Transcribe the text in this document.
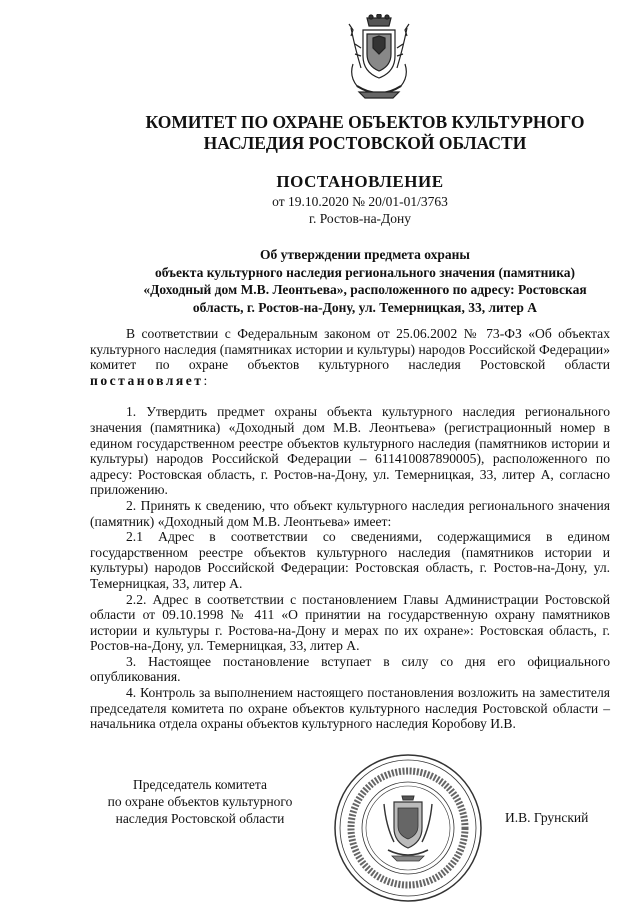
КОМИТЕТ ПО ОХРАНЕ ОБЪЕКТОВ КУЛЬТУРНОГО
НАСЛЕДИЯ РОСТОВСКОЙ ОБЛАСТИ
ПОСТАНОВЛЕНИЕ
от 19.10.2020 № 20/01-01/3763
г. Ростов-на-Дону
Об утверждении предмета охраны
объекта культурного наследия регионального значения (памятника)
«Доходный дом М.В. Леонтьева», расположенного по адресу: Ростовская
область, г. Ростов-на-Дону, ул. Темерницкая, 33, литер А

В соответствии с Федеральным законом от 25.06.2002 № 73-ФЗ «Об объектах культурного наследия (памятниках истории и культуры) народов Российской Федерации» комитет по охране объектов культурного наследия Ростовской области постановляет:

1. Утвердить предмет охраны объекта культурного наследия регионального значения (памятника) «Доходный дом М.В. Леонтьева» (регистрационный номер в едином государственном реестре объектов культурного наследия (памятников истории и культуры) народов Российской Федерации – 611410087890005), расположенного по адресу: Ростовская область, г. Ростов-на-Дону, ул. Темерницкая, 33, литер А, согласно приложению.

2. Принять к сведению, что объект культурного наследия регионального значения (памятник) «Доходный дом М.В. Леонтьева» имеет:

2.1 Адрес в соответствии со сведениями, содержащимися в едином государственном реестре объектов культурного наследия (памятников истории и культуры) народов Российской Федерации: Ростовская область, г. Ростов-на-Дону, ул. Темерницкая, 33, литер А.

2.2. Адрес в соответствии с постановлением Главы Администрации Ростовской области от 09.10.1998 № 411 «О принятии на государственную охрану памятников истории и культуры г. Ростова-на-Дону и мерах по их охране»: Ростовская область, г. Ростов-на-Дону, ул. Темерницкая, 33, литер А.

3. Настоящее постановление вступает в силу со дня его официального опубликования.

4. Контроль за выполнением настоящего постановления возложить на заместителя председателя комитета по охране объектов культурного наследия Ростовской области – начальника отдела охраны объектов культурного наследия Коробову И.В.

Председатель комитета
по охране объектов культурного
наследия Ростовской области	И.В. Грунский
